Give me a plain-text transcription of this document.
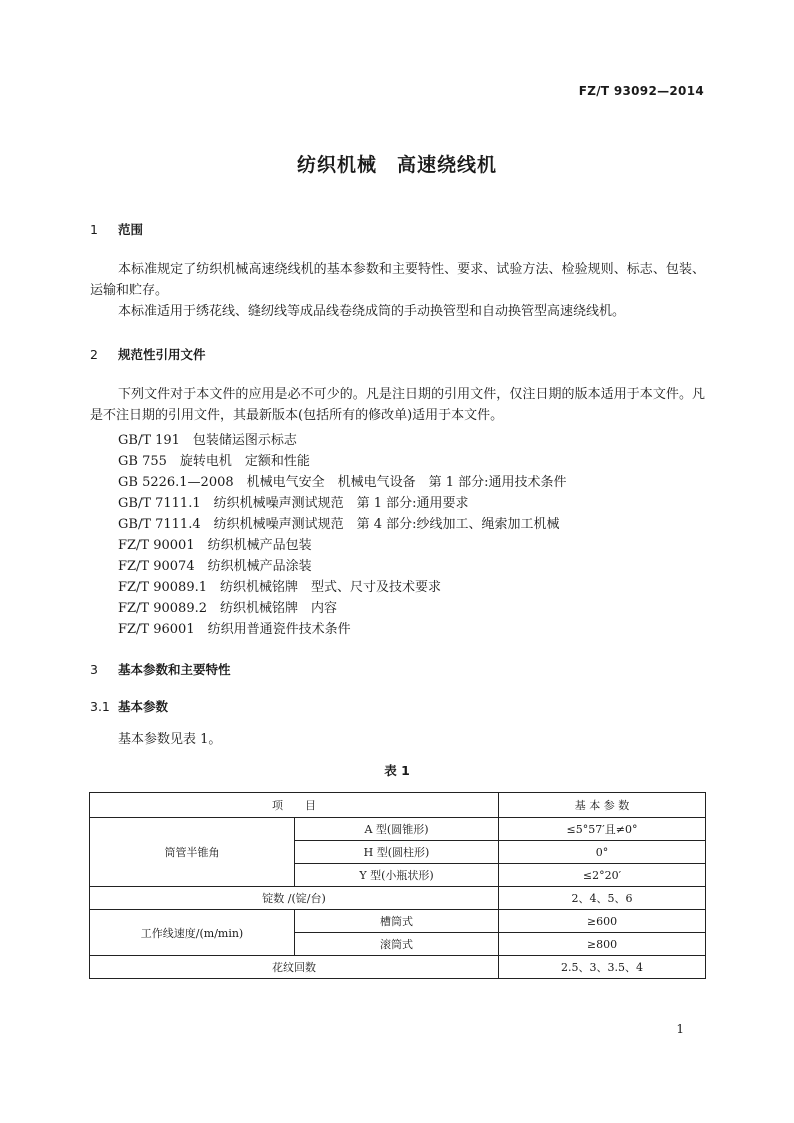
FZ/T 93092—2014
纺织机械　高速绕线机
1 范围
本标准规定了纺织机械高速绕线机的基本参数和主要特性、要求、试验方法、检验规则、标志、包装、运输和贮存。
本标准适用于绣花线、缝纫线等成品线卷绕成筒的手动换管型和自动换管型高速绕线机。
2 规范性引用文件
下列文件对于本文件的应用是必不可少的。凡是注日期的引用文件，仅注日期的版本适用于本文件。凡是不注日期的引用文件，其最新版本(包括所有的修改单)适用于本文件。
GB/T 191　包装储运图示标志
GB 755　旋转电机　定额和性能
GB 5226.1—2008　机械电气安全　机械电气设备　第 1 部分:通用技术条件
GB/T 7111.1　纺织机械噪声测试规范　第 1 部分:通用要求
GB/T 7111.4　纺织机械噪声测试规范　第 4 部分:纱线加工、绳索加工机械
FZ/T 90001　纺织机械产品包装
FZ/T 90074　纺织机械产品涂装
FZ/T 90089.1　纺织机械铭牌　型式、尺寸及技术要求
FZ/T 90089.2　纺织机械铭牌　内容
FZ/T 96001　纺织用普通瓷件技术条件
3 基本参数和主要特性
3.1 基本参数
基本参数见表 1。
表 1
项　　目		基 本 参 数
筒管半锥角	A 型(圆锥形)	≤5°57′且≠0°
	H 型(圆柱形)	0°
	Y 型(小瓶状形)	≤2°20′
锭数 /(锭/台)		2、4、5、6
工作线速度/(m/min)	槽筒式	≥600
	滚筒式	≥800
花纹回数		2.5、3、3.5、4
1
